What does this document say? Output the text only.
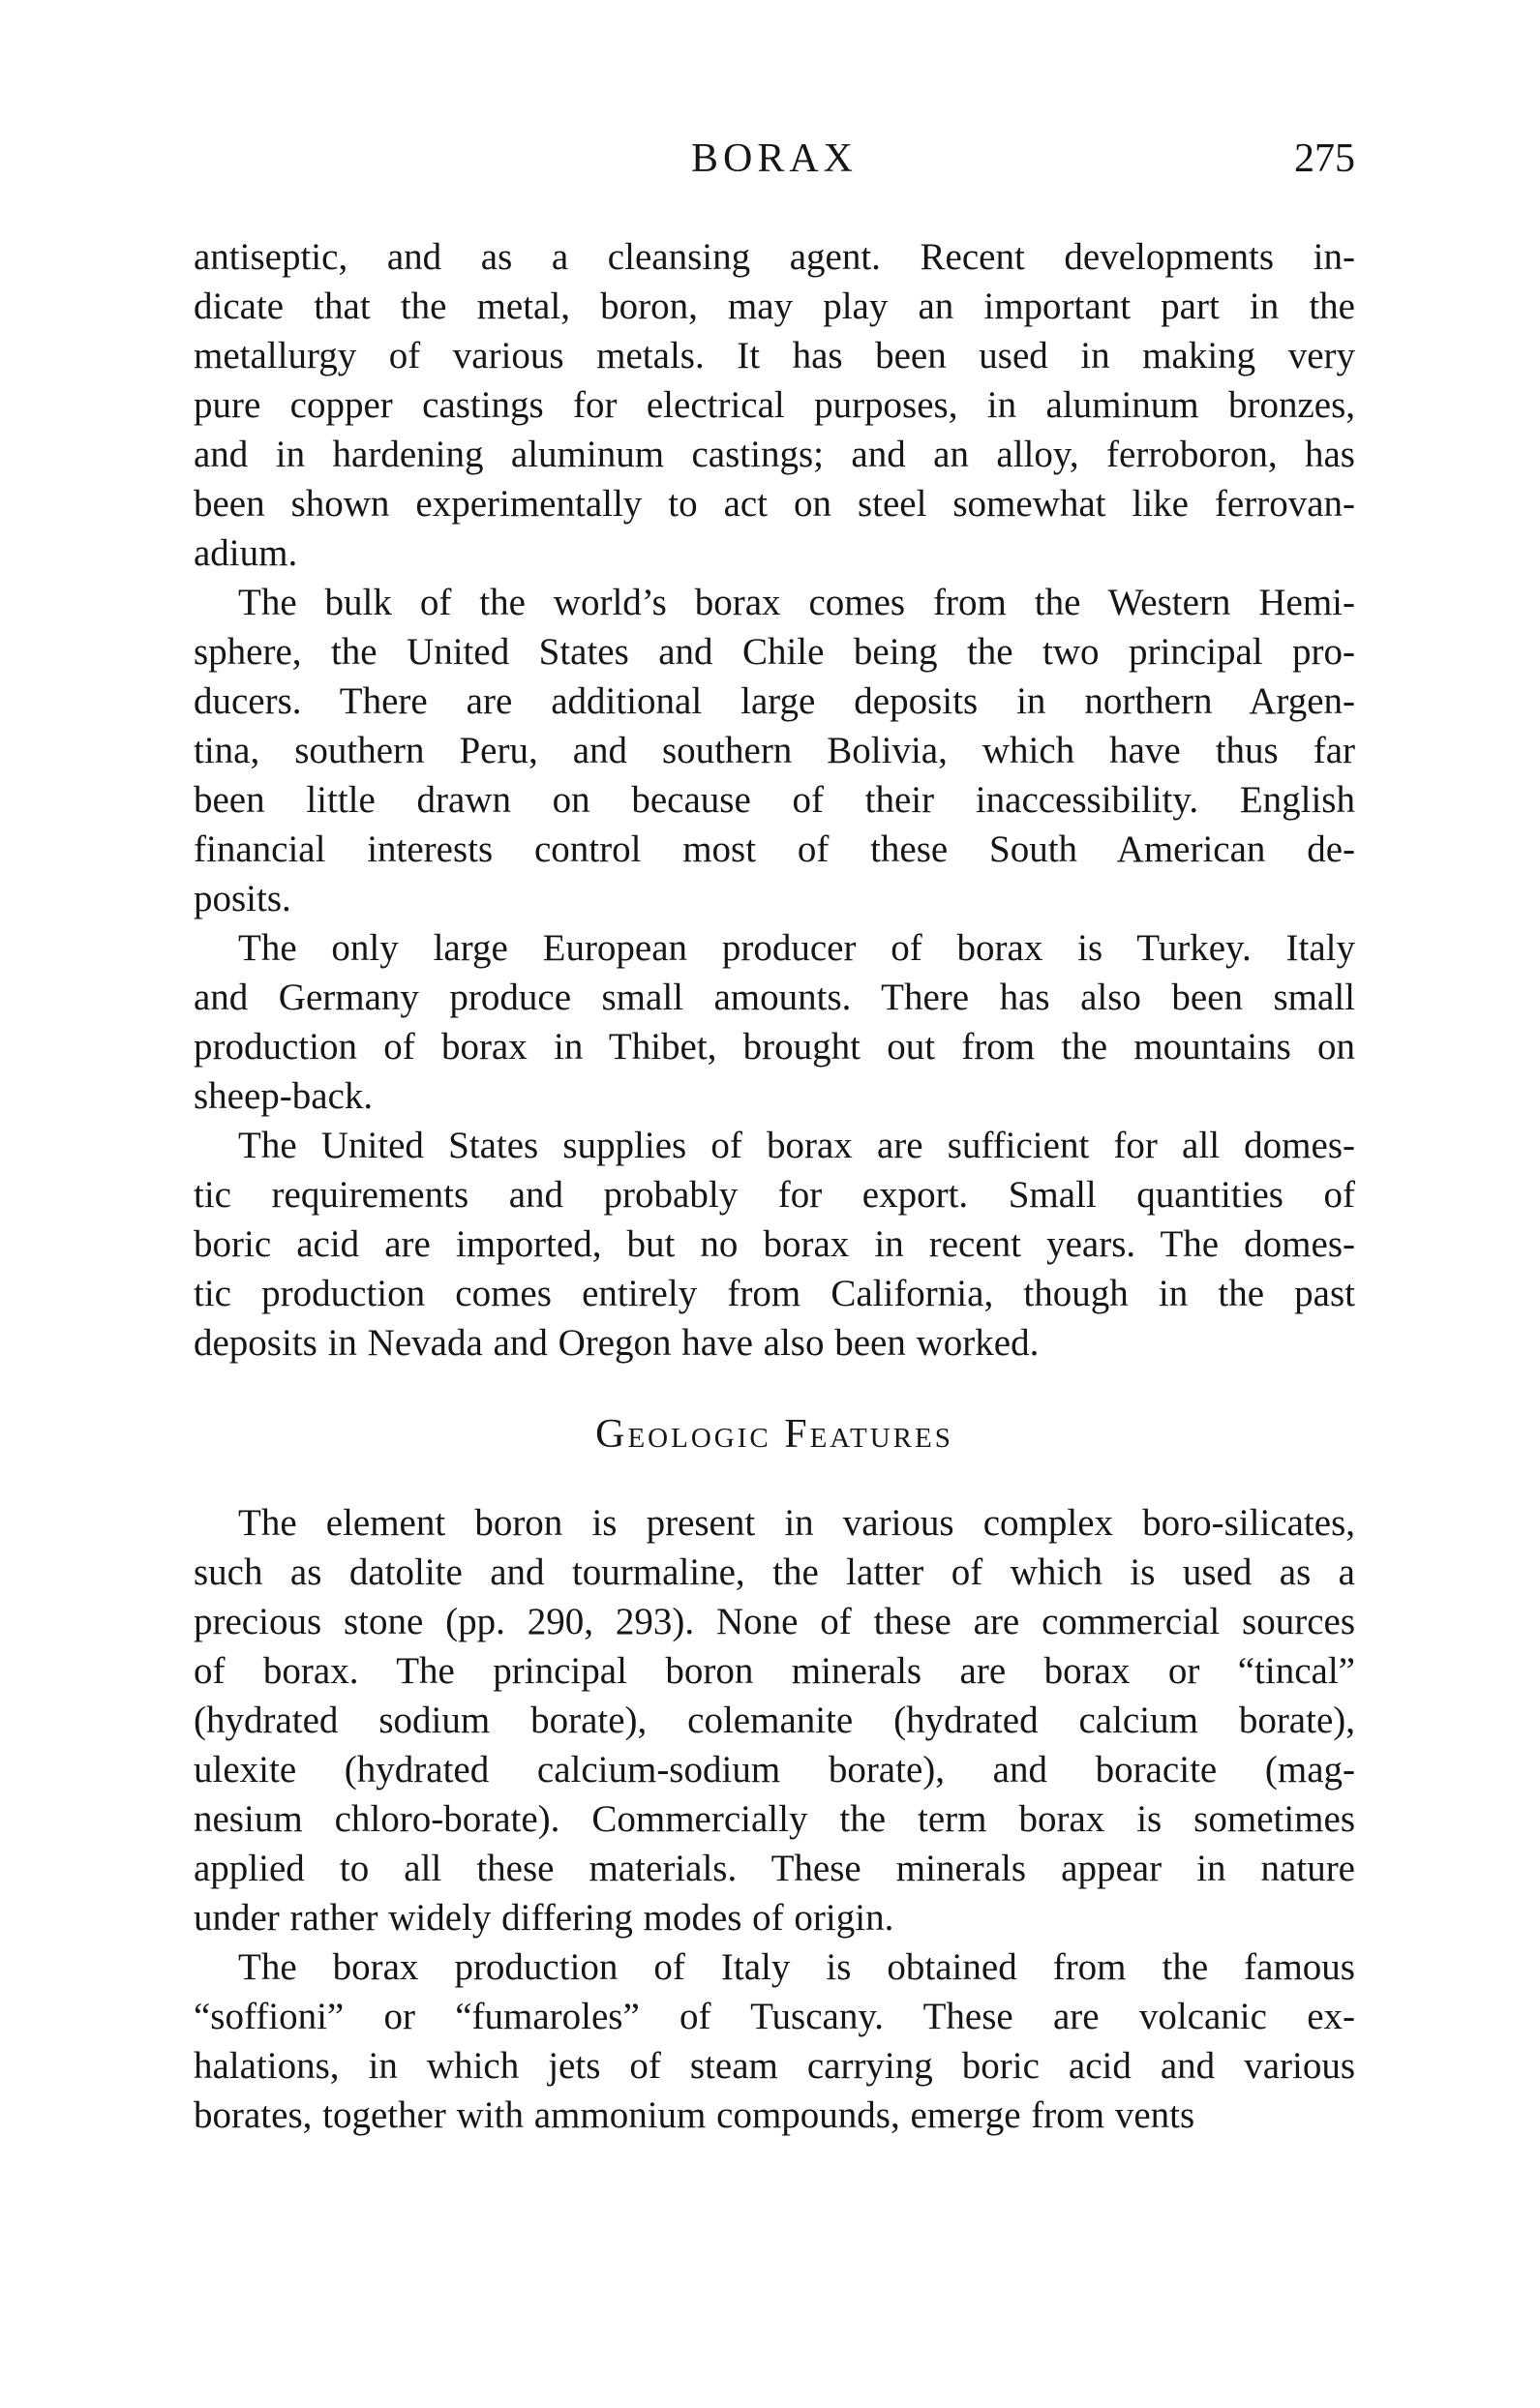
BORAX	275
antiseptic, and as a cleansing agent. Recent developments in-
dicate that the metal, boron, may play an important part in the
metallurgy of various metals. It has been used in making very
pure copper castings for electrical purposes, in aluminum bronzes,
and in hardening aluminum castings; and an alloy, ferroboron, has
been shown experimentally to act on steel somewhat like ferrovan-
adium.
The bulk of the world’s borax comes from the Western Hemi-
sphere, the United States and Chile being the two principal pro-
ducers. There are additional large deposits in northern Argen-
tina, southern Peru, and southern Bolivia, which have thus far
been little drawn on because of their inaccessibility. English
financial interests control most of these South American de-
posits.
The only large European producer of borax is Turkey. Italy
and Germany produce small amounts. There has also been small
production of borax in Thibet, brought out from the mountains on
sheep-back.
The United States supplies of borax are sufficient for all domes-
tic requirements and probably for export. Small quantities of
boric acid are imported, but no borax in recent years. The domes-
tic production comes entirely from California, though in the past
deposits in Nevada and Oregon have also been worked.
Geologic Features
The element boron is present in various complex boro-silicates,
such as datolite and tourmaline, the latter of which is used as a
precious stone (pp. 290, 293). None of these are commercial sources
of borax. The principal boron minerals are borax or “tincal”
(hydrated sodium borate), colemanite (hydrated calcium borate),
ulexite (hydrated calcium-sodium borate), and boracite (mag-
nesium chloro-borate). Commercially the term borax is sometimes
applied to all these materials. These minerals appear in nature
under rather widely differing modes of origin.
The borax production of Italy is obtained from the famous
“soffioni” or “fumaroles” of Tuscany. These are volcanic ex-
halations, in which jets of steam carrying boric acid and various
borates, together with ammonium compounds, emerge from vents
